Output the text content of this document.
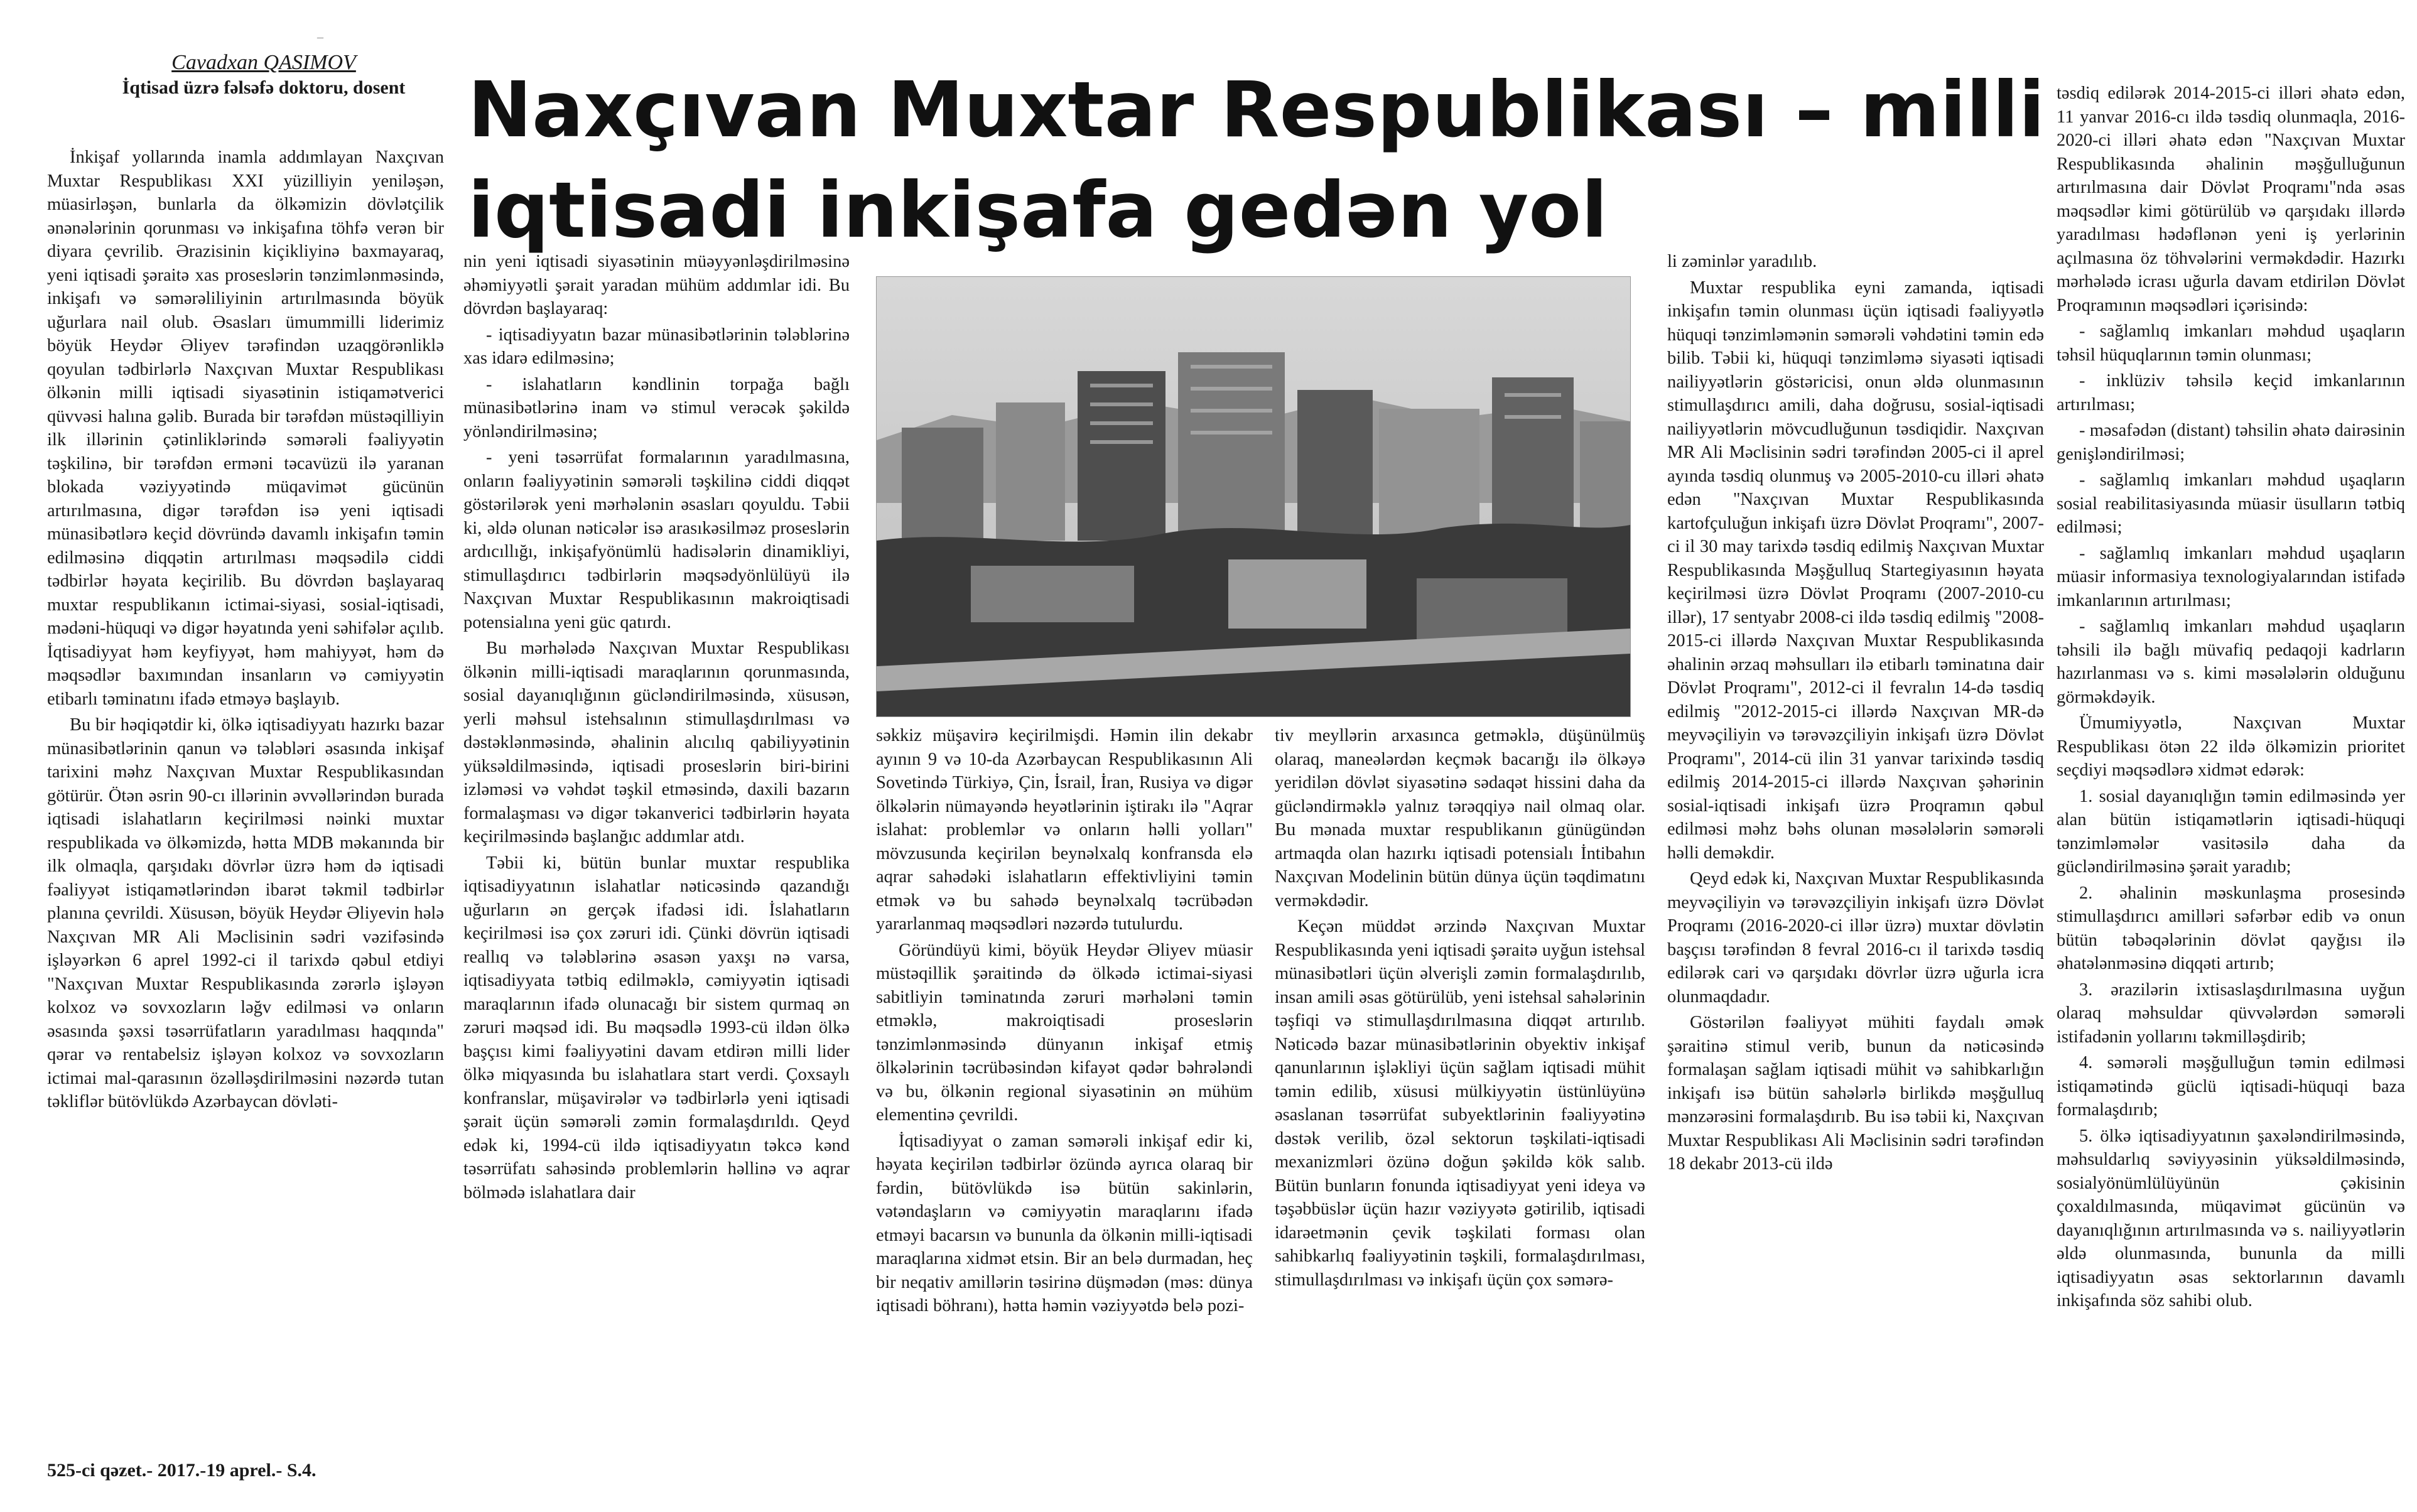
–
Cavadxan QASIMOV
İqtisad üzrə fəlsəfə doktoru, dosent Naxçıvan Muxtar Respublikası – milli iqtisadi inkişafa gedən yol

İnkişaf yollarında inamla addımlayan Naxçıvan Muxtar Respublikası XXI yüzilliyin yeniləşən, müasirləşən, bunlarla da ölkəmizin dövlətçilik ənənələrinin qorunması və inkişafına töhfə verən bir diyara çevrilib. Ərazisinin kiçikliyinə baxmayaraq, yeni iqtisadi şəraitə xas proseslərin tənzimlənməsində, inkişafı və səmərəliliyinin artırılmasında böyük uğurlara nail olub. Əsasları ümummilli liderimiz böyük Heydər Əliyev tərəfindən uzaqgörənliklə qoyulan tədbirlərlə Naxçıvan Muxtar Respublikası ölkənin milli iqtisadi siyasətinin istiqamətverici qüvvəsi halına gəlib. Burada bir tərəfdən müstəqilliyin ilk illərinin çətinliklərində səmərəli fəaliyyətin təşkilinə, bir tərəfdən erməni təcavüzü ilə yaranan blokada vəziyyətində müqavimət gücünün artırılmasına, digər tərəfdən isə yeni iqtisadi münasibətlərə keçid dövründə davamlı inkişafın təmin edilməsinə diqqətin artırılması məqsədilə ciddi tədbirlər həyata keçirilib. Bu dövrdən başlayaraq muxtar respublikanın ictimai-siyasi, sosial-iqtisadi, mədəni-hüquqi və digər həyatında yeni səhifələr açılıb. İqtisadiyyat həm keyfiyyət, həm mahiyyət, həm də məqsədlər baxımından insanların və cəmiyyətin etibarlı təminatını ifadə etməyə başlayıb.

Bu bir həqiqətdir ki, ölkə iqtisadiyyatı hazırkı bazar münasibətlərinin qanun və tələbləri əsasında inkişaf tarixini məhz Naxçıvan Muxtar Respublikasından götürür. Ötən əsrin 90-cı illərinin əvvəllərindən burada iqtisadi islahatların keçirilməsi nəinki muxtar respublikada və ölkəmizdə, hətta MDB məkanında bir ilk olmaqla, qarşıdakı dövrlər üzrə həm də iqtisadi fəaliyyət istiqamətlərindən ibarət təkmil tədbirlər planına çevrildi. Xüsusən, böyük Heydər Əliyevin hələ Naxçıvan MR Ali Məclisinin sədri vəzifəsində işləyərkən 6 aprel 1992-ci il tarixdə qəbul etdiyi "Naxçıvan Muxtar Respublikasında zərərlə işləyən kolxoz və sovxozların ləğv edilməsi və onların əsasında şəxsi təsərrüfatların yaradılması haqqında" qərar və rentabelsiz işləyən kolxoz və sovxozların ictimai mal-qarasının özəlləşdirilməsini nəzərdə tutan təkliflər bütövlükdə Azərbaycan dövləti-

nin yeni iqtisadi siyasətinin müəyyənləşdirilməsinə əhəmiyyətli şərait yaradan mühüm addımlar idi. Bu dövrdən başlayaraq:

- iqtisadiyyatın bazar münasibətlərinin tələblərinə xas idarə edilməsinə;

- islahatların kəndlinin torpağa bağlı münasibətlərinə inam və stimul verəcək şəkildə yönləndirilməsinə;

- yeni təsərrüfat formalarının yaradılmasına, onların fəaliyyətinin səmərəli təşkilinə ciddi diqqət göstərilərək yeni mərhələnin əsasları qoyuldu. Təbii ki, əldə olunan nəticələr isə arasıkəsilməz proseslərin ardıcıllığı, inkişafyönümlü hadisələrin dinamikliyi, stimullaşdırıcı tədbirlərin məqsədyönlülüyü ilə Naxçıvan Muxtar Respublikasının makroiqtisadi potensialına yeni güc qatırdı.

Bu mərhələdə Naxçıvan Muxtar Respublikası ölkənin milli-iqtisadi maraqlarının qorunmasında, sosial dayanıqlığının gücləndirilməsində, xüsusən, yerli məhsul istehsalının stimullaşdırılması və dəstəklənməsində, əhalinin alıcılıq qabiliyyətinin yüksəldilməsində, iqtisadi proseslərin biri-birini izləməsi və vəhdət təşkil etməsində, daxili bazarın formalaşması və digər təkanverici tədbirlərin həyata keçirilməsində başlanğıc addımlar atdı.

Təbii ki, bütün bunlar muxtar respublika iqtisadiyyatının islahatlar nəticəsində qazandığı uğurların ən gerçək ifadəsi idi. İslahatların keçirilməsi isə çox zəruri idi. Çünki dövrün iqtisadi reallıq və tələblərinə əsasən yaxşı nə varsa, iqtisadiyyata tətbiq edilməklə, cəmiyyətin iqtisadi maraqlarının ifadə olunacağı bir sistem qurmaq ən zəruri məqsəd idi. Bu məqsədlə 1993-cü ildən ölkə başçısı kimi fəaliyyətini davam etdirən milli lider ölkə miqyasında bu islahatlara start verdi. Çoxsaylı konfranslar, müşavirələr və tədbirlərlə yeni iqtisadi şərait üçün səmərəli zəmin formalaşdırıldı. Qeyd edək ki, 1994-cü ildə iqtisadiyyatın təkcə kənd təsərrüfatı sahəsində problemlərin həllinə və aqrar bölmədə islahatlara dair

səkkiz müşavirə keçirilmişdi. Həmin ilin dekabr ayının 9 və 10-da Azərbaycan Respublikasının Ali Sovetində Türkiyə, Çin, İsrail, İran, Rusiya və digər ölkələrin nümayəndə heyətlərinin iştirakı ilə "Aqrar islahat: problemlər və onların həlli yolları" mövzusunda keçirilən beynəlxalq konfransda elə aqrar sahədəki islahatların effektivliyini təmin etmək və bu sahədə beynəlxalq təcrübədən yararlanmaq məqsədləri nəzərdə tutulurdu.

Göründüyü kimi, böyük Heydər Əliyev müasir müstəqillik şəraitində də ölkədə ictimai-siyasi sabitliyin təminatında zəruri mərhələni təmin etməklə, makroiqtisadi proseslərin tənzimlənməsində dünyanın inkişaf etmiş ölkələrinin təcrübəsindən kifayət qədər bəhrələndi və bu, ölkənin regional siyasətinin ən mühüm elementinə çevrildi.

İqtisadiyyat o zaman səmərəli inkişaf edir ki, həyata keçirilən tədbirlər özündə ayrıca olaraq bir fərdin, bütövlükdə isə bütün sakinlərin, vətəndaşların və cəmiyyətin maraqlarını ifadə etməyi bacarsın və bununla da ölkənin milli-iqtisadi maraqlarına xidmət etsin. Bir an belə durmadan, heç bir neqativ amillərin təsirinə düşmədən (məs: dünya iqtisadi böhranı), hətta həmin vəziyyətdə belə pozi-

tiv meyllərin arxasınca getməklə, düşünülmüş olaraq, maneələrdən keçmək bacarığı ilə ölkəyə yeridilən dövlət siyasətinə sədaqət hissini daha da gücləndirməklə yalnız tərəqqiyə nail olmaq olar. Bu mənada muxtar respublikanın günügündən artmaqda olan hazırkı iqtisadi potensialı İntibahın Naxçıvan Modelinin bütün dünya üçün təqdimatını verməkdədir.

Keçən müddət ərzində Naxçıvan Muxtar Respublikasında yeni iqtisadi şəraitə uyğun istehsal münasibətləri üçün əlverişli zəmin formalaşdırılıb, insan amili əsas götürülüb, yeni istehsal sahələrinin təşfiqi və stimullaşdırılmasına diqqət artırılıb. Nəticədə bazar münasibətlərinin obyektiv inkişaf qanunlarının işləkliyi üçün sağlam iqtisadi mühit təmin edilib, xüsusi mülkiyyətin üstünlüyünə əsaslanan təsərrüfat subyektlərinin fəaliyyətinə dəstək verilib, özəl sektorun təşkilati-iqtisadi mexanizmləri özünə doğun şəkildə kök salıb. Bütün bunların fonunda iqtisadiyyat yeni ideya və təşəbbüslər üçün hazır vəziyyətə gətirilib, iqtisadi idarəetmənin çevik təşkilati forması olan sahibkarlıq fəaliyyətinin təşkili, formalaşdırılması, stimullaşdırılması və inkişafı üçün çox səmərə-

li zəminlər yaradılıb.

Muxtar respublika eyni zamanda, iqtisadi inkişafın təmin olunması üçün iqtisadi fəaliyyətlə hüquqi tənzimləmənin səmərəli vəhdətini təmin edə bilib. Təbii ki, hüquqi tənzimləmə siyasəti iqtisadi nailiyyətlərin göstəricisi, onun əldə olunmasının stimullaşdırıcı amili, daha doğrusu, sosial-iqtisadi nailiyyətlərin mövcudluğunun təsdiqidir. Naxçıvan MR Ali Məclisinin sədri tərəfindən 2005-ci il aprel ayında təsdiq olunmuş və 2005-2010-cu illəri əhatə edən "Naxçıvan Muxtar Respublikasında kartofçuluğun inkişafı üzrə Dövlət Proqramı", 2007-ci il 30 may tarixdə təsdiq edilmiş Naxçıvan Muxtar Respublikasında Məşğulluq Startegiyasının həyata keçirilməsi üzrə Dövlət Proqramı (2007-2010-cu illər), 17 sentyabr 2008-ci ildə təsdiq edilmiş "2008-2015-ci illərdə Naxçıvan Muxtar Respublikasında əhalinin ərzaq məhsulları ilə etibarlı təminatına dair Dövlət Proqramı", 2012-ci il fevralın 14-də təsdiq edilmiş "2012-2015-ci illərdə Naxçıvan MR-də meyvəçiliyin və tərəvəzçiliyin inkişafı üzrə Dövlət Proqramı", 2014-cü ilin 31 yanvar tarixində təsdiq edilmiş 2014-2015-ci illərdə Naxçıvan şəhərinin sosial-iqtisadi inkişafı üzrə Proqramın qəbul edilməsi məhz bəhs olunan məsələlərin səmərəli həlli deməkdir.

Qeyd edək ki, Naxçıvan Muxtar Respublikasında meyvəçiliyin və tərəvəzçiliyin inkişafı üzrə Dövlət Proqramı (2016-2020-ci illər üzrə) muxtar dövlətin başçısı tərəfindən 8 fevral 2016-cı il tarixdə təsdiq edilərək cari və qarşıdakı dövrlər üzrə uğurla icra olunmaqdadır.

Göstərilən fəaliyyət mühiti faydalı əmək şəraitinə stimul verib, bunun da nəticəsində formalaşan sağlam iqtisadi mühit və sahibkarlığın inkişafı isə bütün sahələrlə birlikdə məşğulluq mənzərəsini formalaşdırıb. Bu isə təbii ki, Naxçıvan Muxtar Respublikası Ali Məclisinin sədri tərəfindən 18 dekabr 2013-cü ildə

təsdiq edilərək 2014-2015-ci illəri əhatə edən, 11 yanvar 2016-cı ildə təsdiq olunmaqla, 2016-2020-ci illəri əhatə edən "Naxçıvan Muxtar Respublikasında əhalinin məşğulluğunun artırılmasına dair Dövlət Proqramı"nda əsas məqsədlər kimi götürülüb və qarşıdakı illərdə yaradılması hədəflənən yeni iş yerlərinin açılmasına öz töhvələrini verməkdədir. Hazırkı mərhələdə icrası uğurla davam etdirilən Dövlət Proqramının məqsədləri içərisində:

- sağlamlıq imkanları məhdud uşaqların təhsil hüquqlarının təmin olunması;

- inklüziv təhsilə keçid imkanlarının artırılması;

- məsafədən (distant) təhsilin əhatə dairəsinin genişləndirilməsi;

- sağlamlıq imkanları məhdud uşaqların sosial reabilitasiyasında müasir üsulların tətbiq edilməsi;

- sağlamlıq imkanları məhdud uşaqların müasir informasiya texnologiyalarından istifadə imkanlarının artırılması;

- sağlamlıq imkanları məhdud uşaqların təhsili ilə bağlı müvafiq pedaqoji kadrların hazırlanması və s. kimi məsələlərin olduğunu görməkdəyik.

Ümumiyyətlə, Naxçıvan Muxtar Respublikası ötən 22 ildə ölkəmizin prioritet seçdiyi məqsədlərə xidmət edərək:

1. sosial dayanıqlığın təmin edilməsində yer alan bütün istiqamətlərin iqtisadi-hüquqi tənzimləmələr vasitəsilə daha da gücləndirilməsinə şərait yaradıb;

2. əhalinin məskunlaşma prosesində stimullaşdırıcı amilləri səfərbər edib və onun bütün təbəqələrinin dövlət qayğısı ilə əhatələnməsinə diqqəti artırıb;

3. ərazilərin ixtisaslaşdırılmasına uyğun olaraq məhsuldar qüvvələrdən səmərəli istifadənin yollarını təkmilləşdirib;

4. səmərəli məşğulluğun təmin edilməsi istiqamətində güclü iqtisadi-hüquqi baza formalaşdırıb;

5. ölkə iqtisadiyyatının şaxələndirilməsində, məhsuldarlıq səviyyəsinin yüksəldilməsində, sosialyönümlülüyünün çəkisinin çoxaldılmasında, müqavimət gücünün və dayanıqlığının artırılmasında və s. nailiyyətlərin əldə olunmasında, bununla da milli iqtisadiyyatın əsas sektorlarının davamlı inkişafında söz sahibi olub.

525-ci qəzet.- 2017.-19 aprel.- S.4.
